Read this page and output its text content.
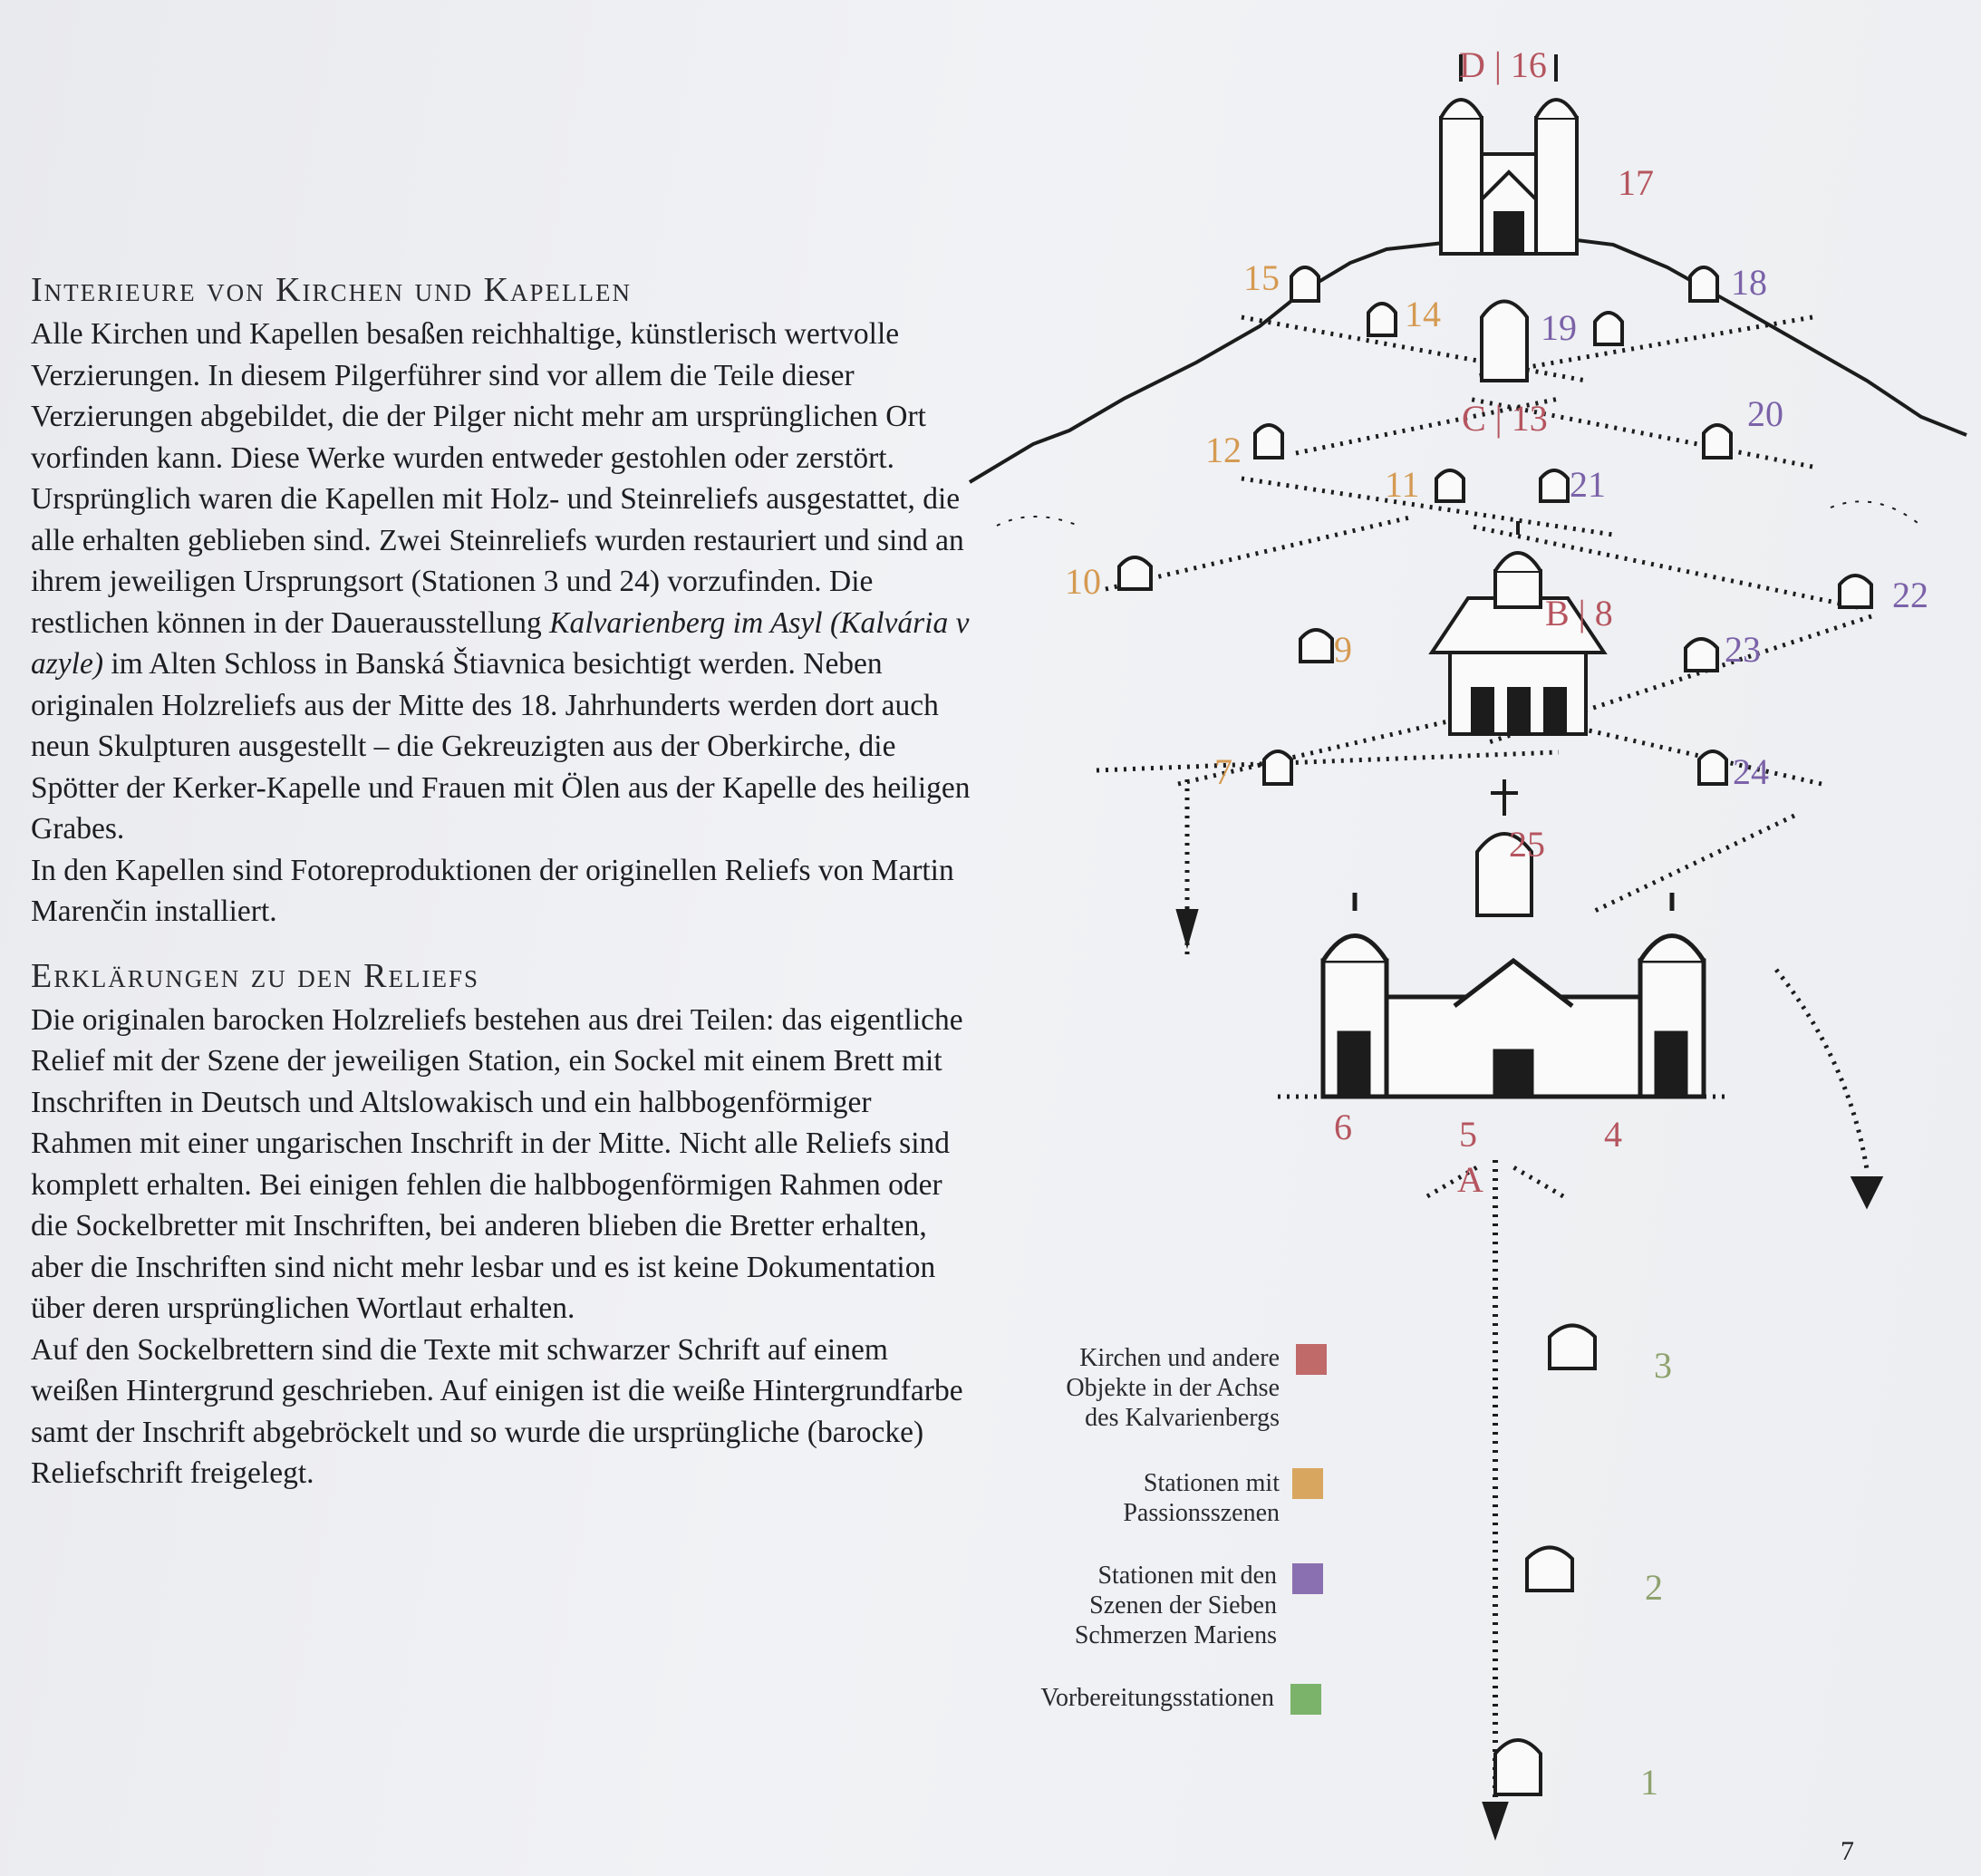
Interieure von Kirchen und Kapellen

Alle Kirchen und Kapellen besaßen reichhaltige, künstlerisch wertvolle Verzierungen. In diesem Pilgerführer sind vor allem die Teile dieser Verzierungen abgebildet, die der Pilger nicht mehr am ursprünglichen Ort vorfinden kann. Diese Werke wurden entweder gestohlen oder zerstört.

Ursprünglich waren die Kapellen mit Holz- und Steinreliefs ausgestattet, die alle erhalten geblieben sind. Zwei Steinreliefs wurden restauriert und sind an ihrem jeweiligen Ursprungsort (Stationen 3 und 24) vorzufinden. Die restlichen können in der Dauerausstellung Kalvarienberg im Asyl (Kalvária v azyle) im Alten Schloss in Banská Štiavnica besichtigt werden. Neben originalen Holzreliefs aus der Mitte des 18. Jahrhunderts werden dort auch neun Skulpturen ausgestellt – die Gekreuzigten aus der Oberkirche, die Spötter der Kerker-Kapelle und Frauen mit Ölen aus der Kapelle des heiligen Grabes.

In den Kapellen sind Fotoreproduktionen der originellen Reliefs von Martin Marenčin installiert.

Erklärungen zu den Reliefs

Die originalen barocken Holzreliefs bestehen aus drei Teilen: das eigentliche Relief mit der Szene der jeweiligen Station, ein Sockel mit einem Brett mit Inschriften in Deutsch und Altslowakisch und ein halbbogenförmiger Rahmen mit einer ungarischen Inschrift in der Mitte. Nicht alle Reliefs sind komplett erhalten. Bei einigen fehlen die halbbogenförmigen Rahmen oder die Sockelbretter mit Inschriften, bei anderen blieben die Bretter erhalten, aber die Inschriften sind nicht mehr lesbar und es ist keine Dokumentation über deren ursprünglichen Wortlaut erhalten.

Auf den Sockelbrettern sind die Texte mit schwarzer Schrift auf einem weißen Hintergrund geschrieben. Auf einigen ist die weiße Hintergrundfarbe samt der Inschrift abgebröckelt und so wurde die ursprüngliche (barocke) Reliefschrift freigelegt.

D | 16
17
15
14
18
19
C | 13	20
12
11	21
10
B | 8	22
9	23
7	24
25
6	5	4
A
3
2
1
Kirchen und andere
Objekte in der Achse
des Kalvarienbergs
Stationen mit
Passionsszenen
Stationen mit den
Szenen der Sieben
Schmerzen Mariens
Vorbereitungsstationen
7
